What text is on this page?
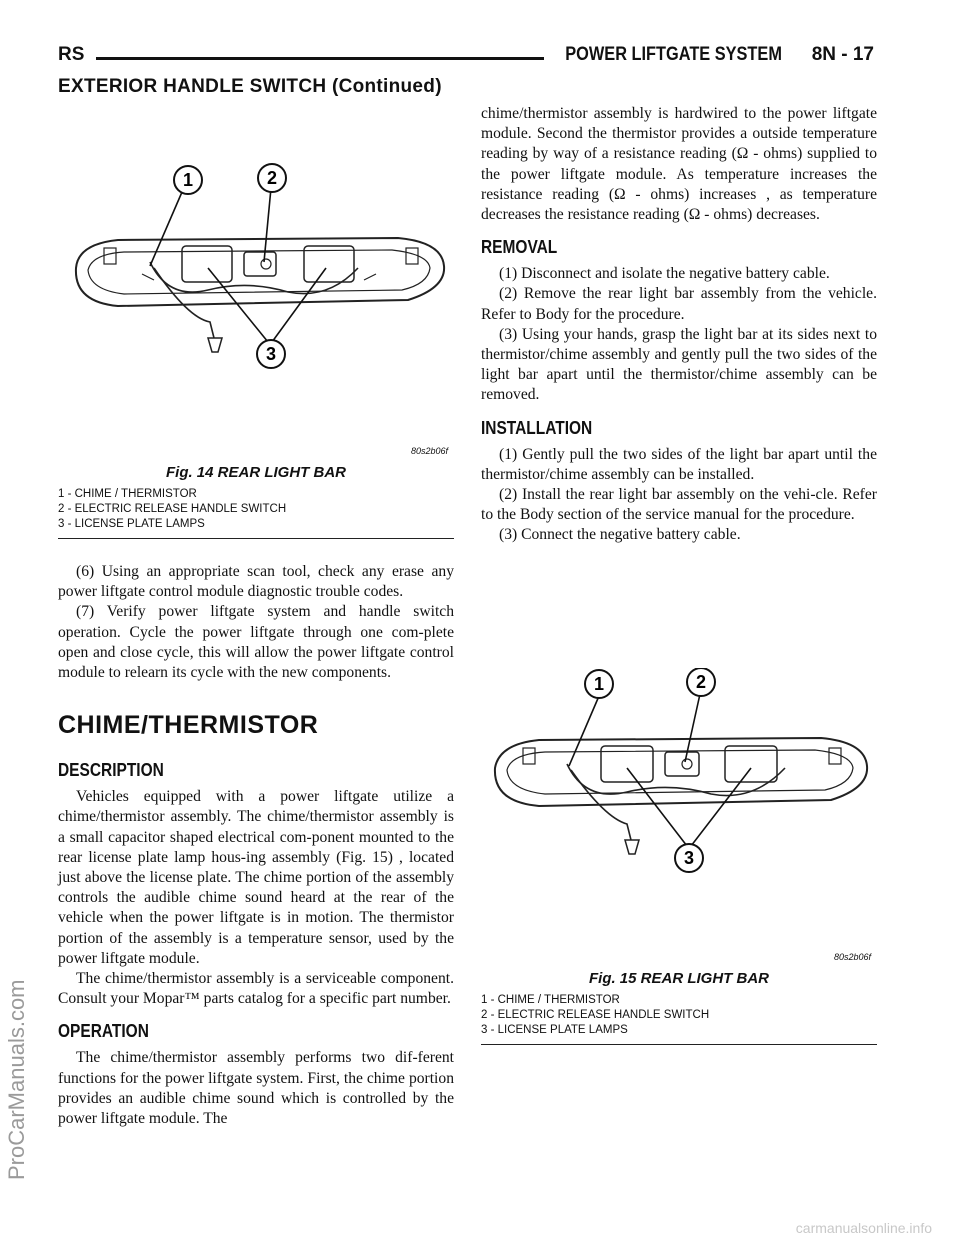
RS	POWER LIFTGATE SYSTEM 8N - 17
EXTERIOR HANDLE SWITCH (Continued)
1	2
3
80s2b06f
Fig. 14 REAR LIGHT BAR
1 - CHIME / THERMISTOR
2 - ELECTRIC RELEASE HANDLE SWITCH
3 - LICENSE PLATE LAMPS

(6) Using an appropriate scan tool, check any erase any power liftgate control module diagnostic trouble codes.

(7) Verify power liftgate system and handle switch operation. Cycle the power liftgate through one com-plete open and close cycle, this will allow the power liftgate control module to relearn its cycle with the new components.

CHIME/THERMISTOR
DESCRIPTION

Vehicles equipped with a power liftgate utilize a chime/thermistor assembly. The chime/thermistor assembly is a small capacitor shaped electrical com-ponent mounted to the rear license plate lamp hous-ing assembly (Fig. 15) , located just above the license plate. The chime portion of the assembly controls the audible chime sound heard at the rear of the vehicle when the power liftgate is in motion. The thermistor portion of the assembly is a temperature sensor, used by the power liftgate module.

The chime/thermistor assembly is a serviceable component. Consult your Mopar™ parts catalog for a specific part number.

OPERATION

The chime/thermistor assembly performs two dif-ferent functions for the power liftgate system. First, the chime portion provides an audible chime sound which is controlled by the power liftgate module. The

chime/thermistor assembly is hardwired to the power liftgate module. Second the thermistor provides a outside temperature reading by way of a resistance reading (Ω - ohms) supplied to the power liftgate module. As temperature increases the resistance reading (Ω - ohms) increases , as temperature decreases the resistance reading (Ω - ohms) decreases.

REMOVAL

(1) Disconnect and isolate the negative battery cable.

(2) Remove the rear light bar assembly from the vehicle. Refer to Body for the procedure.

(3) Using your hands, grasp the light bar at its sides next to thermistor/chime assembly and gently pull the two sides of the light bar apart until the thermistor/chime assembly can be removed.

INSTALLATION

(1) Gently pull the two sides of the light bar apart until the thermistor/chime assembly can be installed.

(2) Install the rear light bar assembly on the vehi-cle. Refer to the Body section of the service manual for the procedure.

(3) Connect the negative battery cable.

1	2
3
80s2b06f
Fig. 15 REAR LIGHT BAR
1 - CHIME / THERMISTOR
2 - ELECTRIC RELEASE HANDLE SWITCH
3 - LICENSE PLATE LAMPS
ProCarManuals.com
carmanualsonline.info
